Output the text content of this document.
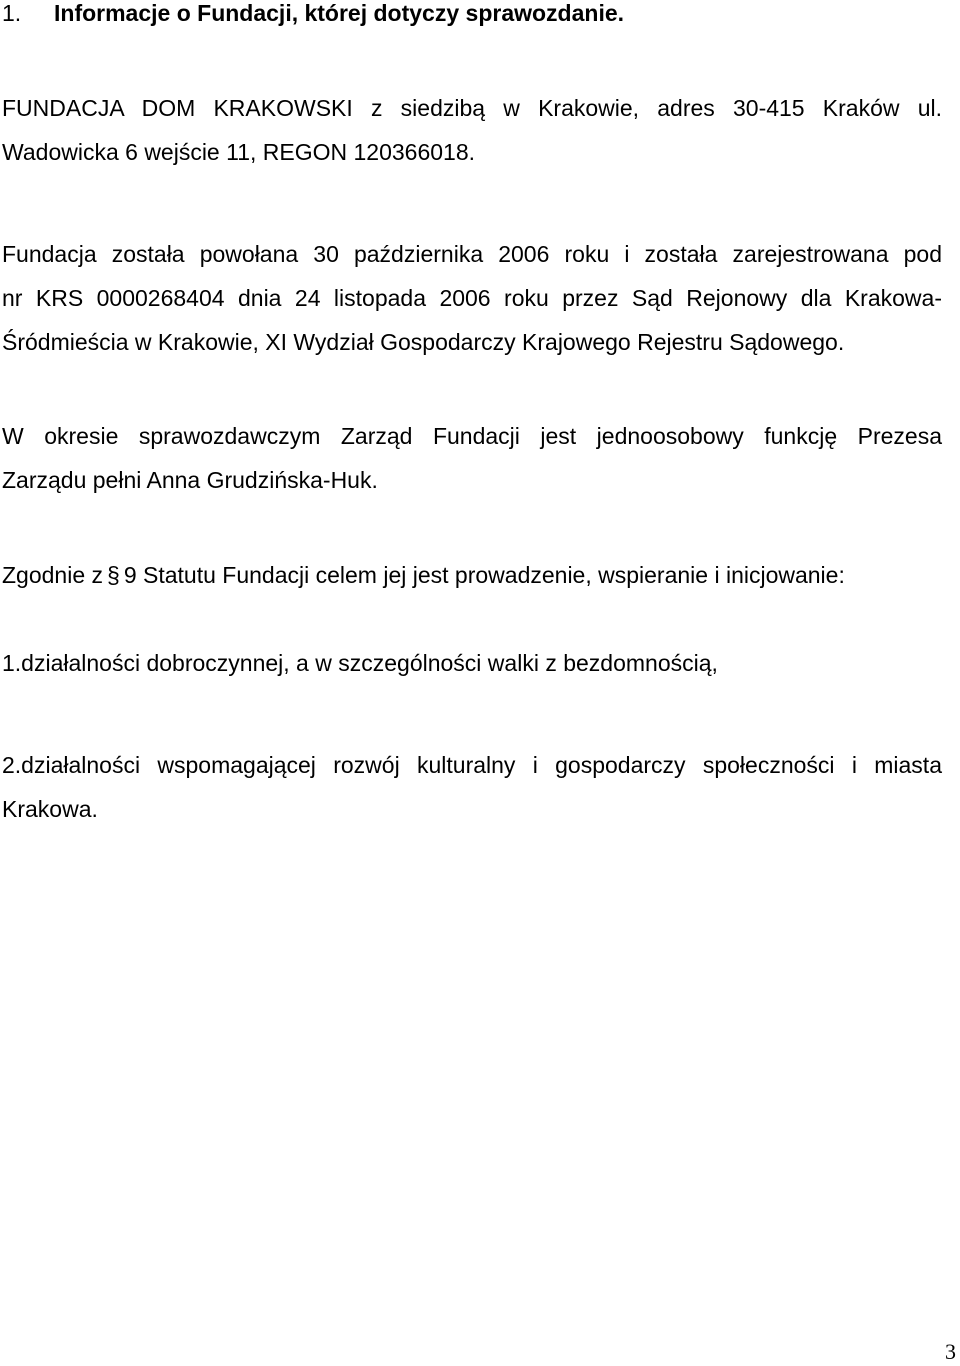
1. Informacje o Fundacji, której dotyczy sprawozdanie.

FUNDACJA DOM KRAKOWSKI z siedzibą w Krakowie, adres 30-415 Kraków ul.
Wadowicka 6 wejście 11, REGON 120366018.

Fundacja została powołana 30 października 2006 roku i została zarejestrowana pod
nr KRS 0000268404 dnia 24 listopada 2006 roku przez Sąd Rejonowy dla Krakowa-
Śródmieścia w Krakowie, XI Wydział Gospodarczy Krajowego Rejestru Sądowego.

W okresie sprawozdawczym Zarząd Fundacji jest jednoosobowy funkcję Prezesa
Zarządu pełni Anna Grudzińska-Huk.

Zgodnie z § 9 Statutu Fundacji celem jej jest prowadzenie, wspieranie i inicjowanie:

1.działalności dobroczynnej, a w szczególności walki z bezdomnością,

2.działalności wspomagającej rozwój kulturalny i gospodarczy społeczności i miasta
Krakowa.

3
